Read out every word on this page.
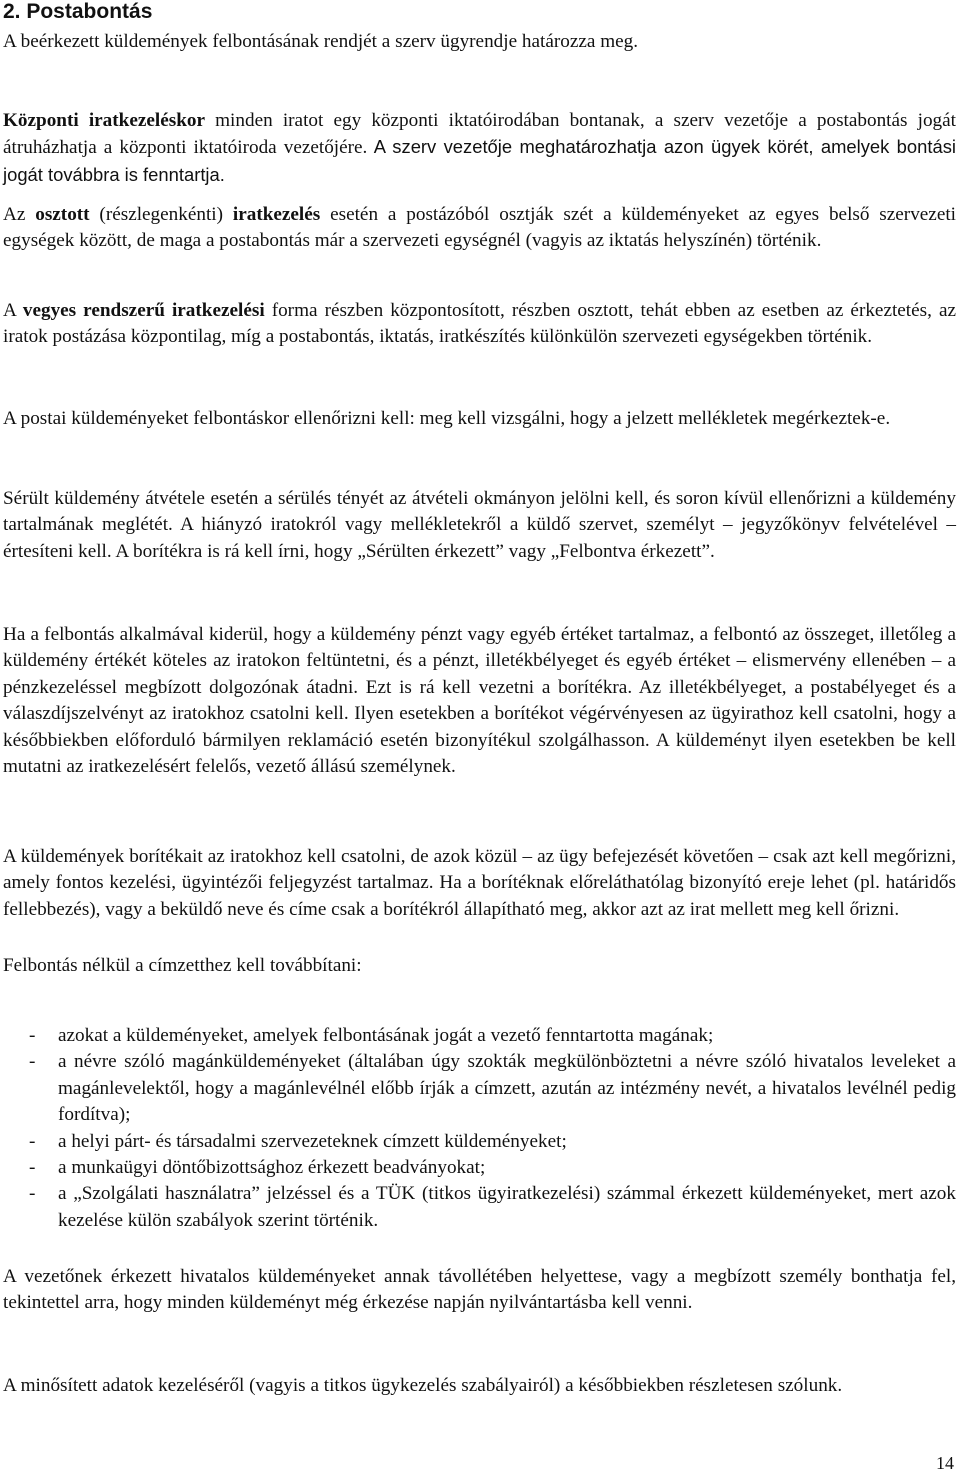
2. Postabontás

A beérkezett küldemények felbontásának rendjét a szerv ügyrendje határozza meg.

Központi iratkezeléskor minden iratot egy központi iktatóirodában bontanak, a szerv vezetője a postabontás jogát átruházhatja a központi iktatóiroda vezetőjére. A szerv vezetője meghatározhatja azon ügyek körét, amelyek bontási jogát továbbra is fenntartja.

Az osztott (részlegenkénti) iratkezelés esetén a postázóból osztják szét a küldeményeket az egyes belső szervezeti egységek között, de maga a postabontás már a szervezeti egységnél (vagyis az iktatás helyszínén) történik.

A vegyes rendszerű iratkezelési forma részben központosított, részben osztott, tehát ebben az esetben az érkeztetés, az iratok postázása központilag, míg a postabontás, iktatás, iratkészítés különkülön szervezeti egységekben történik.

A postai küldeményeket felbontáskor ellenőrizni kell: meg kell vizsgálni, hogy a jelzett mellékletek megérkeztek-e.

Sérült küldemény átvétele esetén a sérülés tényét az átvételi okmányon jelölni kell, és soron kívül ellenőrizni a küldemény tartalmának meglétét. A hiányzó iratokról vagy mellékletekről a küldő szervet, személyt – jegyzőkönyv felvételével – értesíteni kell. A borítékra is rá kell írni, hogy „Sérülten érkezett” vagy „Felbontva érkezett”.

Ha a felbontás alkalmával kiderül, hogy a küldemény pénzt vagy egyéb értéket tartalmaz, a felbontó az összeget, illetőleg a küldemény értékét köteles az iratokon feltüntetni, és a pénzt, illetékbélyeget és egyéb értéket – elismervény ellenében – a pénzkezeléssel megbízott dolgozónak átadni. Ezt is rá kell vezetni a borítékra. Az illetékbélyeget, a postabélyeget és a válaszdíjszelvényt az iratokhoz csatolni kell. Ilyen esetekben a borítékot végérvényesen az ügyirathoz kell csatolni, hogy a későbbiekben előforduló bármilyen reklamáció esetén bizonyítékul szolgálhasson. A küldeményt ilyen esetekben be kell mutatni az iratkezelésért felelős, vezető állású személynek.

A küldemények borítékait az iratokhoz kell csatolni, de azok közül – az ügy befejezését követően – csak azt kell megőrizni, amely fontos kezelési, ügyintézői feljegyzést tartalmaz. Ha a borítéknak előreláthatólag bizonyító ereje lehet (pl. határidős fellebbezés), vagy a beküldő neve és címe csak a borítékról állapítható meg, akkor azt az irat mellett meg kell őrizni.

Felbontás nélkül a címzetthez kell továbbítani:

- azokat a küldeményeket, amelyek felbontásának jogát a vezető fenntartotta magának;
- a névre szóló magánküldeményeket (általában úgy szokták megkülönböztetni a névre szóló hivatalos leveleket a magánlevelektől, hogy a magánlevélnél előbb írják a címzett, azután az intézmény nevét, a hivatalos levélnél pedig fordítva);
- a helyi párt- és társadalmi szervezeteknek címzett küldeményeket;
- a munkaügyi döntőbizottsághoz érkezett beadványokat;
- a „Szolgálati használatra” jelzéssel és a TÜK (titkos ügyiratkezelési) számmal érkezett küldeményeket, mert azok kezelése külön szabályok szerint történik.

A vezetőnek érkezett hivatalos küldeményeket annak távollétében helyettese, vagy a megbízott személy bonthatja fel, tekintettel arra, hogy minden küldeményt még érkezése napján nyilvántartásba kell venni.

A minősített adatok kezeléséről (vagyis a titkos ügykezelés szabályairól) a későbbiekben részletesen szólunk.

14
